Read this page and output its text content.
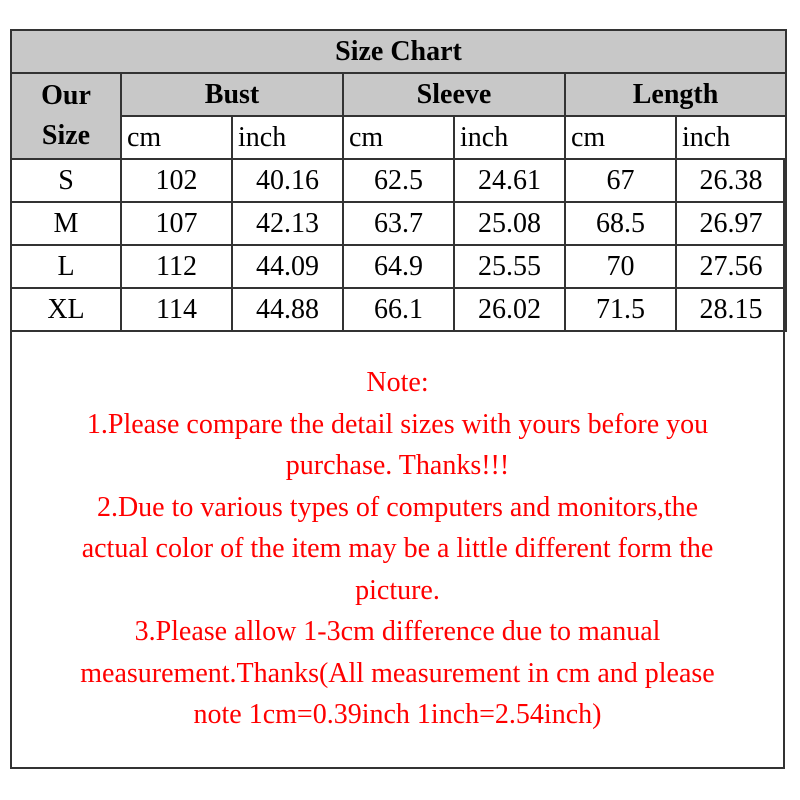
Size Chart						
Our
Size	Bust		Sleeve		Length	
	cm	inch	cm	inch	cm	inch
S	102	40.16	62.5	24.61	67	26.38
M	107	42.13	63.7	25.08	68.5	26.97
L	112	44.09	64.9	25.55	70	27.56
XL	114	44.88	66.1	26.02	71.5	28.15
Note:
1.Please compare the detail sizes with yours before you
purchase. Thanks!!!
2.Due to various types of computers and monitors,the
actual color of the item may be a little different form the
picture.
3.Please allow 1-3cm difference due to manual
measurement.Thanks(All measurement in cm and please
note 1cm=0.39inch 1inch=2.54inch)
